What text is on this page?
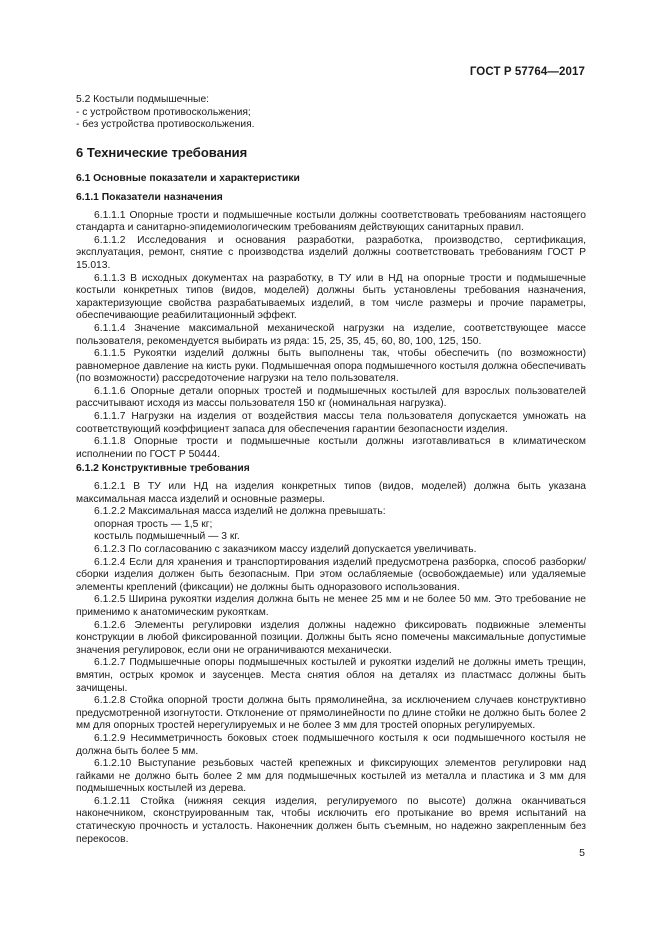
ГОСТ Р 57764—2017
5.2 Костыли подмышечные:
- с устройством противоскольжения;
- без устройства противоскольжения.
6 Технические требования
6.1 Основные показатели и характеристики
6.1.1 Показатели назначения
6.1.1.1 Опорные трости и подмышечные костыли должны соответствовать требованиям настоящего стандарта и санитарно-эпидемиологическим требованиям действующих санитарных правил.
6.1.1.2 Исследования и основания разработки, разработка, производство, сертификация, эксплуатация, ремонт, снятие с производства изделий должны соответствовать требованиям ГОСТ Р 15.013.
6.1.1.3 В исходных документах на разработку, в ТУ или в НД на опорные трости и подмышечные костыли конкретных типов (видов, моделей) должны быть установлены требования назначения, характеризующие свойства разрабатываемых изделий, в том числе размеры и прочие параметры, обеспечивающие реабилитационный эффект.
6.1.1.4 Значение максимальной механической нагрузки на изделие, соответствующее массе пользователя, рекомендуется выбирать из ряда: 15, 25, 35, 45, 60, 80, 100, 125, 150.
6.1.1.5 Рукоятки изделий должны быть выполнены так, чтобы обеспечить (по возможности) равномерное давление на кисть руки. Подмышечная опора подмышечного костыля должна обеспечивать (по возможности) рассредоточение нагрузки на тело пользователя.
6.1.1.6 Опорные детали опорных тростей и подмышечных костылей для взрослых пользователей рассчитывают исходя из массы пользователя 150 кг (номинальная нагрузка).
6.1.1.7 Нагрузки на изделия от воздействия массы тела пользователя допускается умножать на соответствующий коэффициент запаса для обеспечения гарантии безопасности изделия.
6.1.1.8 Опорные трости и подмышечные костыли должны изготавливаться в климатическом исполнении по ГОСТ Р 50444.
6.1.2 Конструктивные требования
6.1.2.1 В ТУ или НД на изделия конкретных типов (видов, моделей) должна быть указана максимальная масса изделий и основные размеры.
6.1.2.2 Максимальная масса изделий не должна превышать:
опорная трость — 1,5 кг;
костыль подмышечный — 3 кг.
6.1.2.3 По согласованию с заказчиком массу изделий допускается увеличивать.
6.1.2.4 Если для хранения и транспортирования изделий предусмотрена разборка, способ разборки/сборки изделия должен быть безопасным. При этом ослабляемые (освобождаемые) или удаляемые элементы креплений (фиксации) не должны быть одноразового использования.
6.1.2.5 Ширина рукоятки изделия должна быть не менее 25 мм и не более 50 мм. Это требование не применимо к анатомическим рукояткам.
6.1.2.6 Элементы регулировки изделия должны надежно фиксировать подвижные элементы конструкции в любой фиксированной позиции. Должны быть ясно помечены максимальные допустимые значения регулировок, если они не ограничиваются механически.
6.1.2.7 Подмышечные опоры подмышечных костылей и рукоятки изделий не должны иметь трещин, вмятин, острых кромок и заусенцев. Места снятия облоя на деталях из пластмасс должны быть зачищены.
6.1.2.8 Стойка опорной трости должна быть прямолинейна, за исключением случаев конструктивно предусмотренной изогнутости. Отклонение от прямолинейности по длине стойки не должно быть более 2 мм для опорных тростей нерегулируемых и не более 3 мм для тростей опорных регулируемых.
6.1.2.9 Несимметричность боковых стоек подмышечного костыля к оси подмышечного костыля не должна быть более 5 мм.
6.1.2.10 Выступание резьбовых частей крепежных и фиксирующих элементов регулировки над гайками не должно быть более 2 мм для подмышечных костылей из металла и пластика и 3 мм для подмышечных костылей из дерева.
6.1.2.11 Стойка (нижняя секция изделия, регулируемого по высоте) должна оканчиваться наконечником, сконструированным так, чтобы исключить его протыкание во время испытаний на статическую прочность и усталость. Наконечник должен быть съемным, но надежно закрепленным без перекосов.
5
